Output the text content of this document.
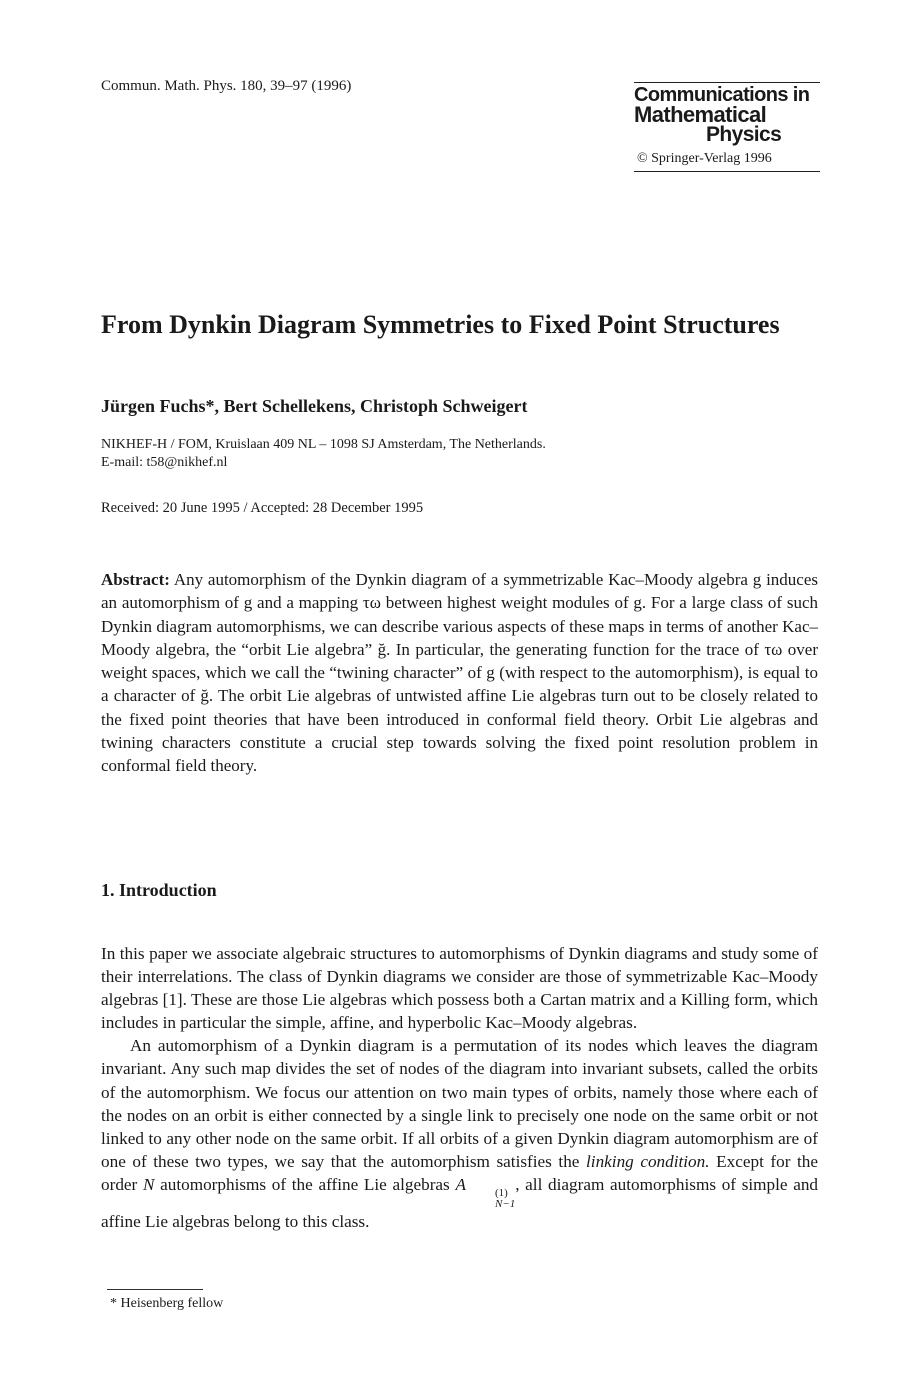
Commun. Math. Phys. 180, 39–97 (1996)	Communications in
Mathematical
Physics
© Springer-Verlag 1996
From Dynkin Diagram Symmetries to Fixed Point Structures
Jürgen Fuchs*, Bert Schellekens, Christoph Schweigert
NIKHEF-H / FOM, Kruislaan 409 NL – 1098 SJ Amsterdam, The Netherlands.
E-mail: t58@nikhef.nl
Received: 20 June 1995 / Accepted: 28 December 1995
Abstract: Any automorphism of the Dynkin diagram of a symmetrizable Kac–Moody algebra g induces an automorphism of g and a mapping τω between highest weight modules of g. For a large class of such Dynkin diagram automorphisms, we can describe various aspects of these maps in terms of another Kac–Moody algebra, the “orbit Lie algebra” ğ. In particular, the generating function for the trace of τω over weight spaces, which we call the “twining character” of g (with respect to the automorphism), is equal to a character of ğ. The orbit Lie algebras of untwisted affine Lie algebras turn out to be closely related to the fixed point theories that have been introduced in conformal field theory. Orbit Lie algebras and twining characters constitute a crucial step towards solving the fixed point resolution problem in conformal field theory.
1. Introduction

In this paper we associate algebraic structures to automorphisms of Dynkin diagrams and study some of their interrelations. The class of Dynkin diagrams we consider are those of symmetrizable Kac–Moody algebras [1]. These are those Lie algebras which possess both a Cartan matrix and a Killing form, which includes in particular the simple, affine, and hyperbolic Kac–Moody algebras.

An automorphism of a Dynkin diagram is a permutation of its nodes which leaves the diagram invariant. Any such map divides the set of nodes of the diagram into invariant subsets, called the orbits of the automorphism. We focus our attention on two main types of orbits, namely those where each of the nodes on an orbit is either connected by a single link to precisely one node on the same orbit or not linked to any other node on the same orbit. If all orbits of a given Dynkin diagram automorphism are of one of these two types, we say that the automorphism satisfies the linking condition. Except for the order N automorphisms of the affine Lie algebras A	(1)
N−1
, all diagram automorphisms of simple and affine Lie algebras belong to this class.

* Heisenberg fellow
